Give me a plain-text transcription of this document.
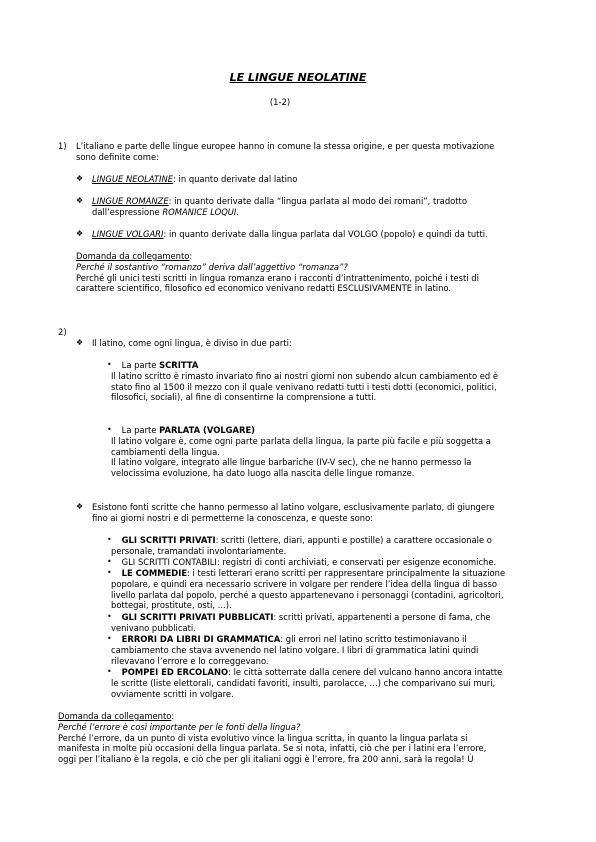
LE LINGUE NEOLATINE
(1-2)
1) L’italiano e parte delle lingue europee hanno in comune la stessa origine, e per questa motivazione

sono definite come:

❖ LINGUE NEOLATINE: in quanto derivate dal latino

❖ LINGUE ROMANZE: in quanto derivate dalla “lingua parlata al modo dei romani”, tradotto

dall’espressione ROMANICE LOQUI.

❖ LINGUE VOLGARI: in quanto derivate dalla lingua parlata dal VOLGO (popolo) e quindi da tutti.

Domanda da collegamento:

Perché il sostantivo “romanzo” deriva dall’aggettivo “romanza”?

Perché gli unici testi scritti in lingua romanza erano i racconti d’intrattenimento, poiché i testi di

carattere scientifico, filosofico ed economico venivano redatti ESCLUSIVAMENTE in latino.

2)
❖ Il latino, come ogni lingua, è diviso in due parti:
•	La parte SCRITTA

Il latino scritto è rimasto invariato fino ai nostri giorni non subendo alcun cambiamento ed è

stato fino al 1500 il mezzo con il quale venivano redatti tutti i testi dotti (economici, politici,

filosofici, sociali), al fine di consentirne la comprensione a tutti.

•	La parte PARLATA (VOLGARE)

Il latino volgare è, come ogni parte parlata della lingua, la parte più facile e più soggetta a

cambiamenti della lingua.

Il latino volgare, integrato alle lingue barbariche (IV-V sec), che ne hanno permesso la

velocissima evoluzione, ha dato luogo alla nascita delle lingue romanze.

❖ Esistono fonti scritte che hanno permesso al latino volgare, esclusivamente parlato, di giungere

fino ai giorni nostri e di permetterne la conoscenza, e queste sono:

•	GLI SCRITTI PRIVATI: scritti (lettere, diari, appunti e postille) a carattere occasionale o

personale, tramandati involontariamente.

•	GLI SCRITTI CONTABILI: registri di conti archiviati, e conservati per esigenze economiche.

•	LE COMMEDIE: i testi letterari erano scritti per rappresentare principalmente la situazione

popolare, e quindi era necessario scrivere in volgare per rendere l’idea della lingua di basso

livello parlata dal popolo, perché a questo appartenevano i personaggi (contadini, agricoltori,

bottegai, prostitute, osti, ...).

•	GLI SCRITTI PRIVATI PUBBLICATI: scritti privati, appartenenti a persone di fama, che

venivano pubblicati.

•	ERRORI DA LIBRI DI GRAMMATICA: gli errori nel latino scritto testimoniavano il

cambiamento che stava avvenendo nel latino volgare. I libri di grammatica latini quindi

rilevavano l’errore e lo correggevano.

•	POMPEI ED ERCOLANO: le città sotterrate dalla cenere del vulcano hanno ancora intatte

le scritte (liste elettorali, candidati favoriti, insulti, parolacce, …) che comparivano sui muri,

ovviamente scritti in volgare.

Domanda da collegamento:

Perché l’errore è così importante per le fonti della lingua?

Perché l’errore, da un punto di vista evolutivo vince la lingua scritta, in quanto la lingua parlata si

manifesta in molte più occasioni della lingua parlata. Se si nota, infatti, ciò che per i latini era l’errore,

oggi per l’italiano è la regola, e ciò che per gli italiani oggi è l’errore, fra 200 anni, sarà la regola! Ù
